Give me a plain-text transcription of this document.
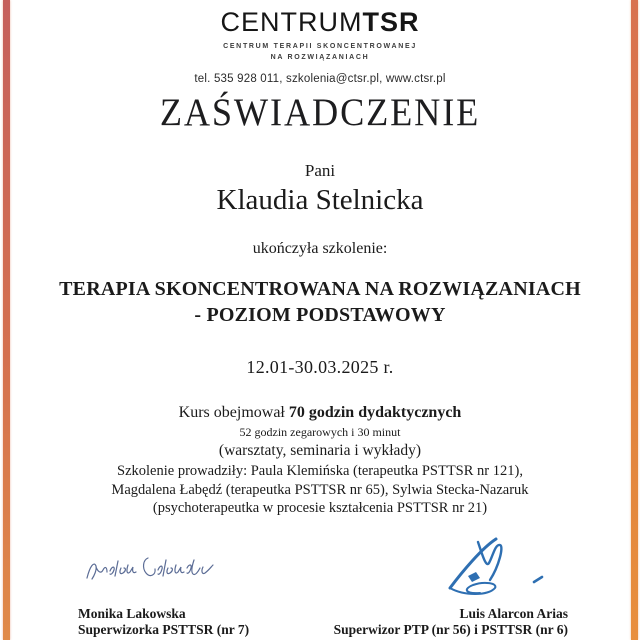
CENTRUMTSR
CENTRUM TERAPII SKONCENTROWANEJ
NA ROZWIĄZANIACH
tel. 535 928 011, szkolenia@ctsr.pl, www.ctsr.pl
ZAŚWIADCZENIE
Pani
Klaudia Stelnicka
ukończyła szkolenie:
TERAPIA SKONCENTROWANA NA ROZWIĄZANIACH
- POZIOM PODSTAWOWY
12.01-30.03.2025 r.
Kurs obejmował 70 godzin dydaktycznych
52 godzin zegarowych i 30 minut
(warsztaty, seminaria i wykłady)
Szkolenie prowadziły: Paula Klemińska (terapeutka PSTTSR nr 121),
Magdalena Łabędź (terapeutka PSTTSR nr 65), Sylwia Stecka-Nazaruk
(psychoterapeutka w procesie kształcenia PSTTSR nr 21)
Monika Lakowska
Superwizorka PSTTSR (nr 7)
Luis Alarcon Arias
Superwizor PTP (nr 56) i PSTTSR (nr 6)
